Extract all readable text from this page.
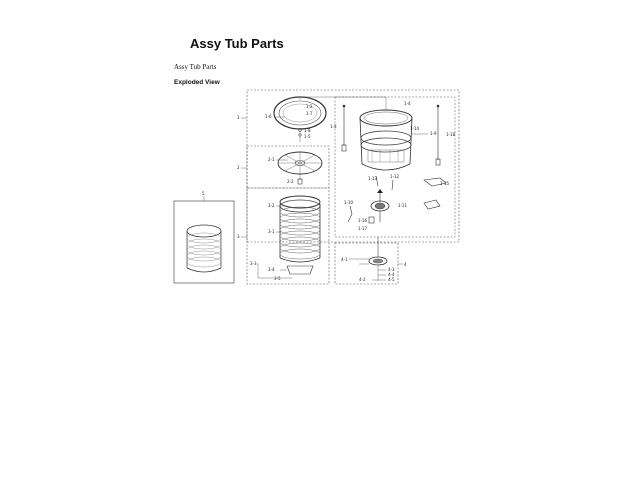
Assy Tub Parts
Assy Tub Parts
Exploded View
1	1-6
1-2
1-7
1-8
1-5
1-3
1-4
1-9
1-10
1-11
1-12
1-13
1-14
1-15
1-16
1-17
1-18
2
2-1
2-2
3
3-1
3-2
3-3
3-4
3-5
4
4-1
4-2
4-3
4-4
4-5
5
